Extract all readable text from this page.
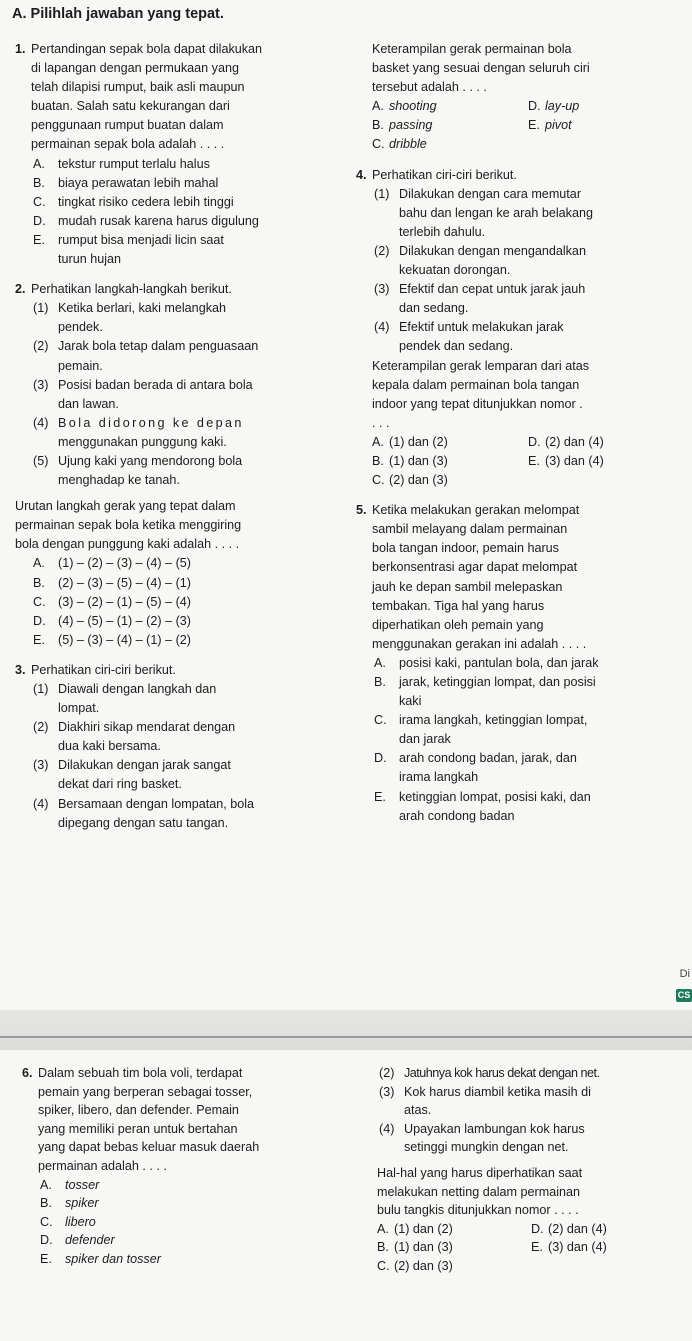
A. Pilihlah jawaban yang tepat.
1. Pertandingan sepak bola dapat dilakukan

di lapangan dengan permukaan yang

telah dilapisi rumput, baik asli maupun

buatan. Salah satu kekurangan dari

penggunaan rumput buatan dalam

permainan sepak bola adalah . . . .

A. tekstur rumput terlalu halus

B. biaya perawatan lebih mahal

C. tingkat risiko cedera lebih tinggi

D. mudah rusak karena harus digulung

E. rumput bisa menjadi licin saat

turun hujan

2. Perhatikan langkah-langkah berikut.

(1) Ketika berlari, kaki melangkah

pendek.

(2) Jarak bola tetap dalam penguasaan

pemain.

(3) Posisi badan berada di antara bola

dan lawan.

(4) Bola didorong ke depan

menggunakan punggung kaki.

(5) Ujung kaki yang mendorong bola

menghadap ke tanah.

Urutan langkah gerak yang tepat dalam

permainan sepak bola ketika menggiring

bola dengan punggung kaki adalah . . . .

A. (1) – (2) – (3) – (4) – (5)

B. (2) – (3) – (5) – (4) – (1)

C. (3) – (2) – (1) – (5) – (4)

D. (4) – (5) – (1) – (2) – (3)

E. (5) – (3) – (4) – (1) – (2)

3. Perhatikan ciri-ciri berikut.

(1) Diawali dengan langkah dan

lompat.

(2) Diakhiri sikap mendarat dengan

dua kaki bersama.

(3) Dilakukan dengan jarak sangat

dekat dari ring basket.

(4) Bersamaan dengan lompatan, bola

dipegang dengan satu tangan.

Keterampilan gerak permainan bola

basket yang sesuai dengan seluruh ciri

tersebut adalah . . . .

A. shooting	D. lay-up
B. passing	E. pivot
C. dribble
4. Perhatikan ciri-ciri berikut.

(1) Dilakukan dengan cara memutar

bahu dan lengan ke arah belakang

terlebih dahulu.

(2) Dilakukan dengan mengandalkan

kekuatan dorongan.

(3) Efektif dan cepat untuk jarak jauh

dan sedang.

(4) Efektif untuk melakukan jarak

pendek dan sedang.

Keterampilan gerak lemparan dari atas

kepala dalam permainan bola tangan

indoor yang tepat ditunjukkan nomor .

. . .

A. (1) dan (2)	D. (2) dan (4)
B. (1) dan (3)	E. (3) dan (4)
C. (2) dan (3)
5. Ketika melakukan gerakan melompat

sambil melayang dalam permainan

bola tangan indoor, pemain harus

berkonsentrasi agar dapat melompat

jauh ke depan sambil melepaskan

tembakan. Tiga hal yang harus

diperhatikan oleh pemain yang

menggunakan gerakan ini adalah . . . .

A. posisi kaki, pantulan bola, dan jarak

B. jarak, ketinggian lompat, dan posisi

kaki

C. irama langkah, ketinggian lompat,

dan jarak

D. arah condong badan, jarak, dan

irama langkah

E. ketinggian lompat, posisi kaki, dan

arah condong badan

Di
CS
6. Dalam sebuah tim bola voli, terdapat

pemain yang berperan sebagai tosser,

spiker, libero, dan defender. Pemain

yang memiliki peran untuk bertahan

yang dapat bebas keluar masuk daerah

permainan adalah . . . .

A. tosser
B. spiker
C. libero
D. defender
E. spiker dan tosser
(2) Jatuhnya kok harus dekat dengan net.

(3) Kok harus diambil ketika masih di

atas.

(4) Upayakan lambungan kok harus

setinggi mungkin dengan net.

Hal-hal yang harus diperhatikan saat

melakukan netting dalam permainan

bulu tangkis ditunjukkan nomor . . . .

A. (1) dan (2)	D. (2) dan (4)
B. (1) dan (3)	E. (3) dan (4)
C. (2) dan (3)
